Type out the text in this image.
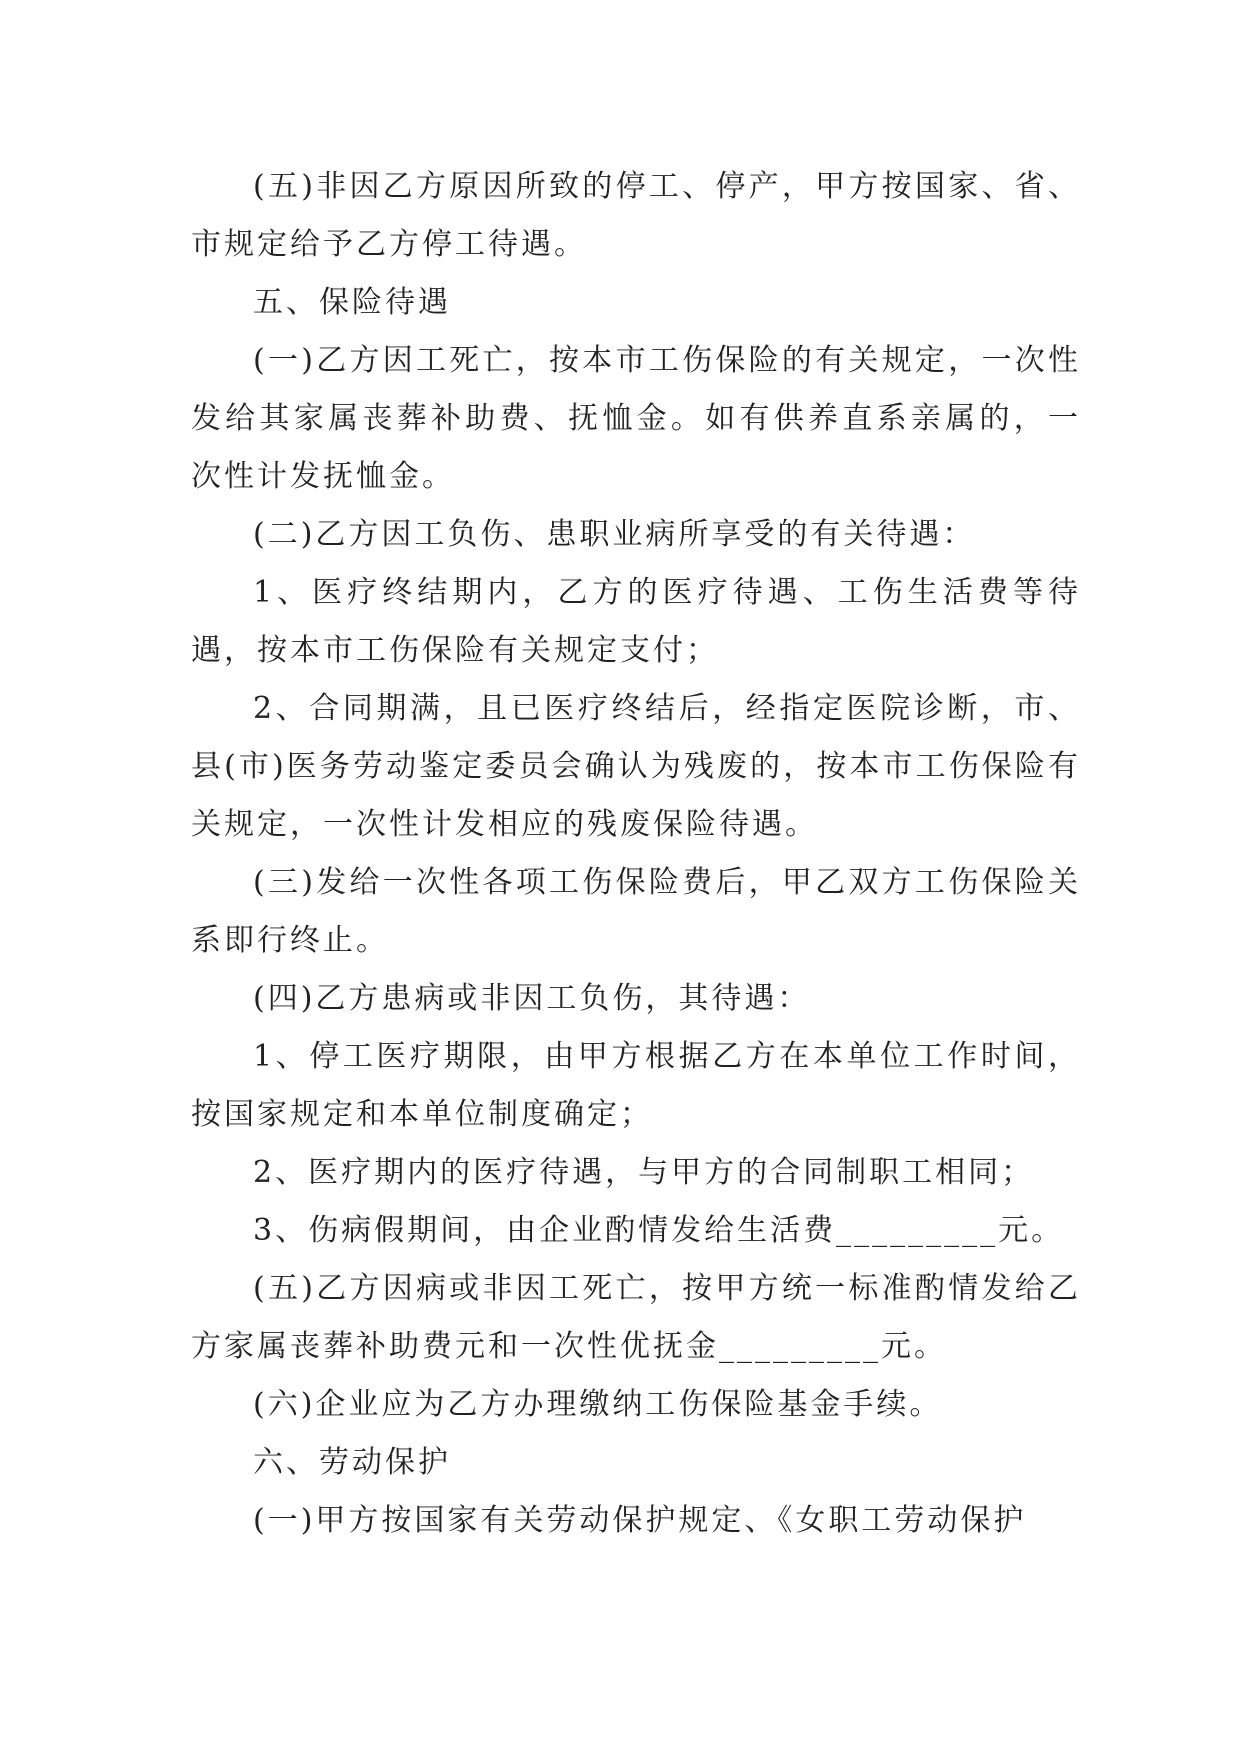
(五)非因乙方原因所致的停工、停产，甲方按国家、省、市规定给予乙方停工待遇。

五、保险待遇

(一)乙方因工死亡，按本市工伤保险的有关规定，一次性发给其家属丧葬补助费、抚恤金。如有供养直系亲属的，一次性计发抚恤金。

(二)乙方因工负伤、患职业病所享受的有关待遇：

1、医疗终结期内，乙方的医疗待遇、工伤生活费等待遇，按本市工伤保险有关规定支付；

2、合同期满，且已医疗终结后，经指定医院诊断，市、县(市)医务劳动鉴定委员会确认为残废的，按本市工伤保险有关规定，一次性计发相应的残废保险待遇。

(三)发给一次性各项工伤保险费后，甲乙双方工伤保险关系即行终止。

(四)乙方患病或非因工负伤，其待遇：

1、停工医疗期限，由甲方根据乙方在本单位工作时间，按国家规定和本单位制度确定；

2、医疗期内的医疗待遇，与甲方的合同制职工相同；

3、伤病假期间，由企业酌情发给生活费_________元。

(五)乙方因病或非因工死亡，按甲方统一标准酌情发给乙方家属丧葬补助费元和一次性优抚金_________元。

(六)企业应为乙方办理缴纳工伤保险基金手续。

六、劳动保护

(一)甲方按国家有关劳动保护规定、《女职工劳动保护
